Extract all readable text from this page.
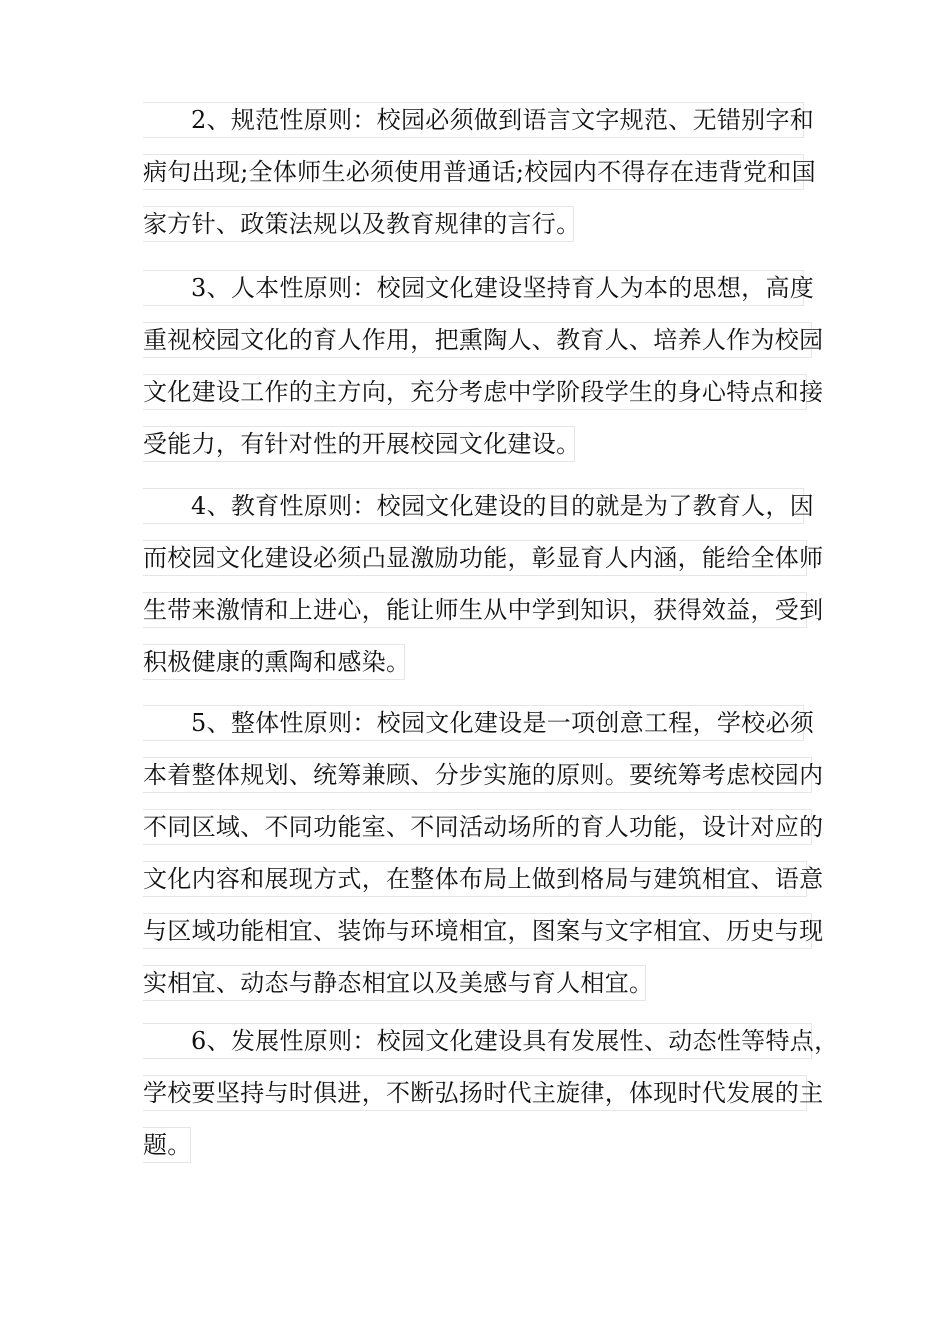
2、规范性原则：校园必须做到语言文字规范、无错别字和
病句出现;全体师生必须使用普通话;校园内不得存在违背党和国
家方针、政策法规以及教育规律的言行。
3、人本性原则：校园文化建设坚持育人为本的思想，高度
重视校园文化的育人作用，把熏陶人、教育人、培养人作为校园
文化建设工作的主方向，充分考虑中学阶段学生的身心特点和接
受能力，有针对性的开展校园文化建设。
4、教育性原则：校园文化建设的目的就是为了教育人，因
而校园文化建设必须凸显激励功能，彰显育人内涵，能给全体师
生带来激情和上进心，能让师生从中学到知识，获得效益，受到
积极健康的熏陶和感染。
5、整体性原则：校园文化建设是一项创意工程，学校必须
本着整体规划、统筹兼顾、分步实施的原则。要统筹考虑校园内
不同区域、不同功能室、不同活动场所的育人功能，设计对应的
文化内容和展现方式，在整体布局上做到格局与建筑相宜、语意
与区域功能相宜、装饰与环境相宜，图案与文字相宜、历史与现
实相宜、动态与静态相宜以及美感与育人相宜。
6、发展性原则：校园文化建设具有发展性、动态性等特点，
学校要坚持与时俱进，不断弘扬时代主旋律，体现时代发展的主
题。
